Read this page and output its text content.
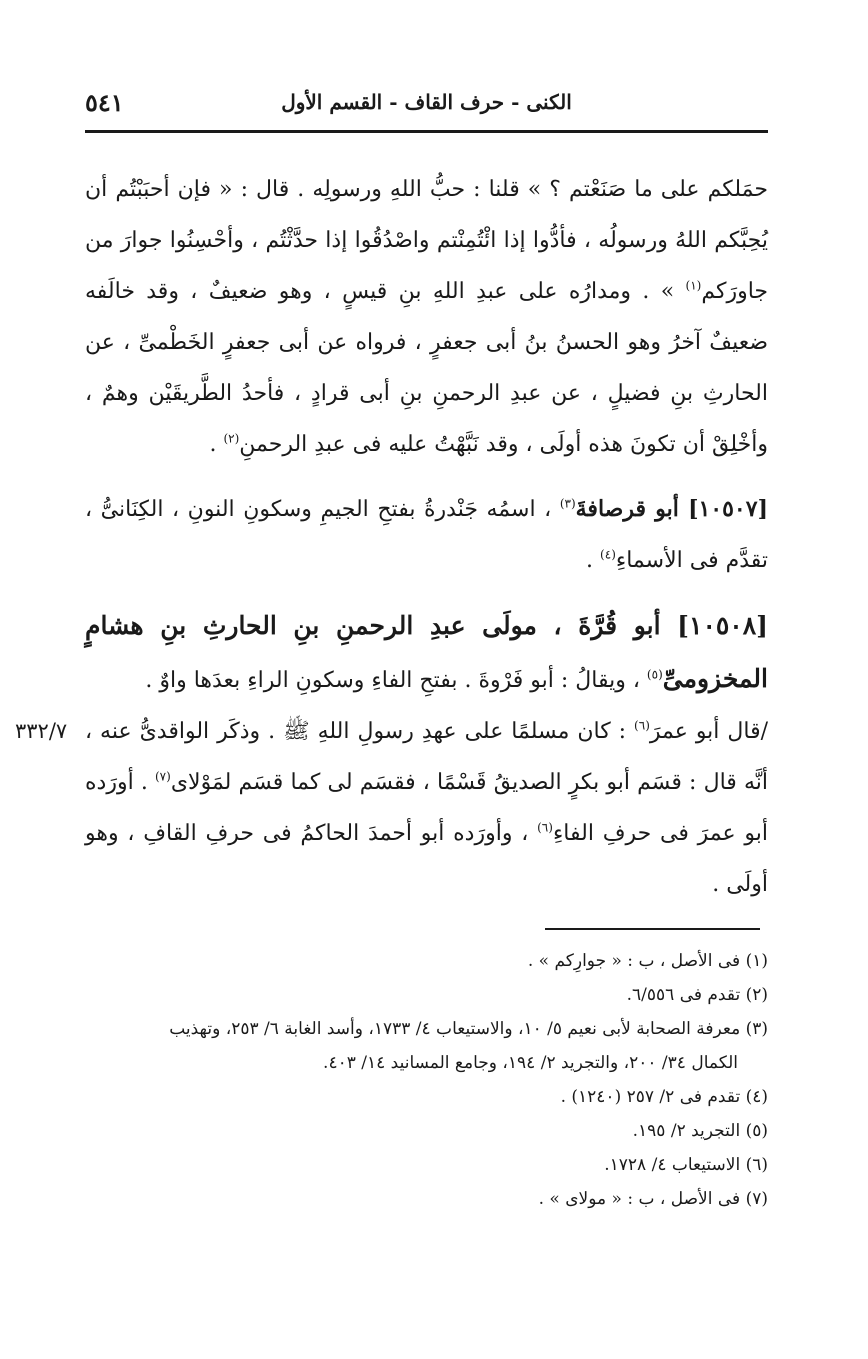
٥٤١	الكنى - حرف القاف - القسم الأول

حمَلكم على ما صَنَعْتم ؟ » قلنا : حبُّ اللهِ ورسولِه . قال : « فإن أحبَبْتُم أن يُحِبَّكم اللهُ ورسولُه ، فأدُّوا إذا ائْتُمِنْتم واصْدُقُوا إذا حدَّثْتُم ، وأحْسِنُوا جوارَ من جاورَكم$^{(١)}$ » . ومدارُه على عبدِ اللهِ بنِ قيسٍ ، وهو ضعيفٌ ، وقد خالَفه ضعيفٌ آخرُ وهو الحسنُ بنُ أبى جعفرٍ ، فرواه عن أبى جعفرٍ الخَطْمىِّ ، عن الحارثِ بنِ فضيلٍ ، عن عبدِ الرحمنِ بنِ أبى قرادٍ ، فأحدُ الطَّريقَيْن وهمٌ ، وأخْلِقْ أن تكونَ هذه أولَى ، وقد نَبَّهْتُ عليه فى عبدِ الرحمنِ$^{(٢)}$ .

[١٠٥٠٧] أبو قرصافةَ$^{(٣)}$ ، اسمُه جَنْدرةُ بفتحِ الجيمِ وسكونِ النونِ ، الكِنَانىُّ ، تقدَّم فى الأسماءِ$^{(٤)}$ .

[١٠٥٠٨] أبو قُرَّةَ ، مولَى عبدِ الرحمنِ بنِ الحارثِ بنِ هشامٍ المخزومىِّ$^{(٥)}$ ، ويقالُ : أبو فَرْوةَ . بفتحِ الفاءِ وسكونِ الراءِ بعدَها واوٌ .

٣٣٢/٧	/قال أبو عمرَ$^{(٦)}$ : كان مسلمًا على عهدِ رسولِ اللهِ ﷺ . وذكَر الواقدىُّ عنه ، أنَّه قال : قسَم أبو بكرٍ الصديقُ قَسْمًا ، فقسَم لى كما قسَم لمَوْلاى$^{(٧)}$ . أورَده أبو عمرَ فى حرفِ الفاءِ$^{(٦)}$ ، وأورَده أبو أحمدَ الحاكمُ فى حرفِ القافِ ، وهو أولَى .

(١) فى الأصل ، ب : « جوارِكم » .

(٢) تقدم فى ٦/٥٥٦.

(٣) معرفة الصحابة لأبى نعيم ٥/ ١٠، والاستيعاب ٤/ ١٧٣٣، وأسد الغابة ٦/ ٢٥٣، وتهذيب

الكمال ٣٤/ ٢٠٠، والتجريد ٢/ ١٩٤، وجامع المسانيد ١٤/ ٤٠٣.

(٤) تقدم فى ٢/ ٢٥٧ (١٢٤٠) .

(٥) التجريد ٢/ ١٩٥.

(٦) الاستيعاب ٤/ ١٧٢٨.

(٧) فى الأصل ، ب : « مولاى » .
